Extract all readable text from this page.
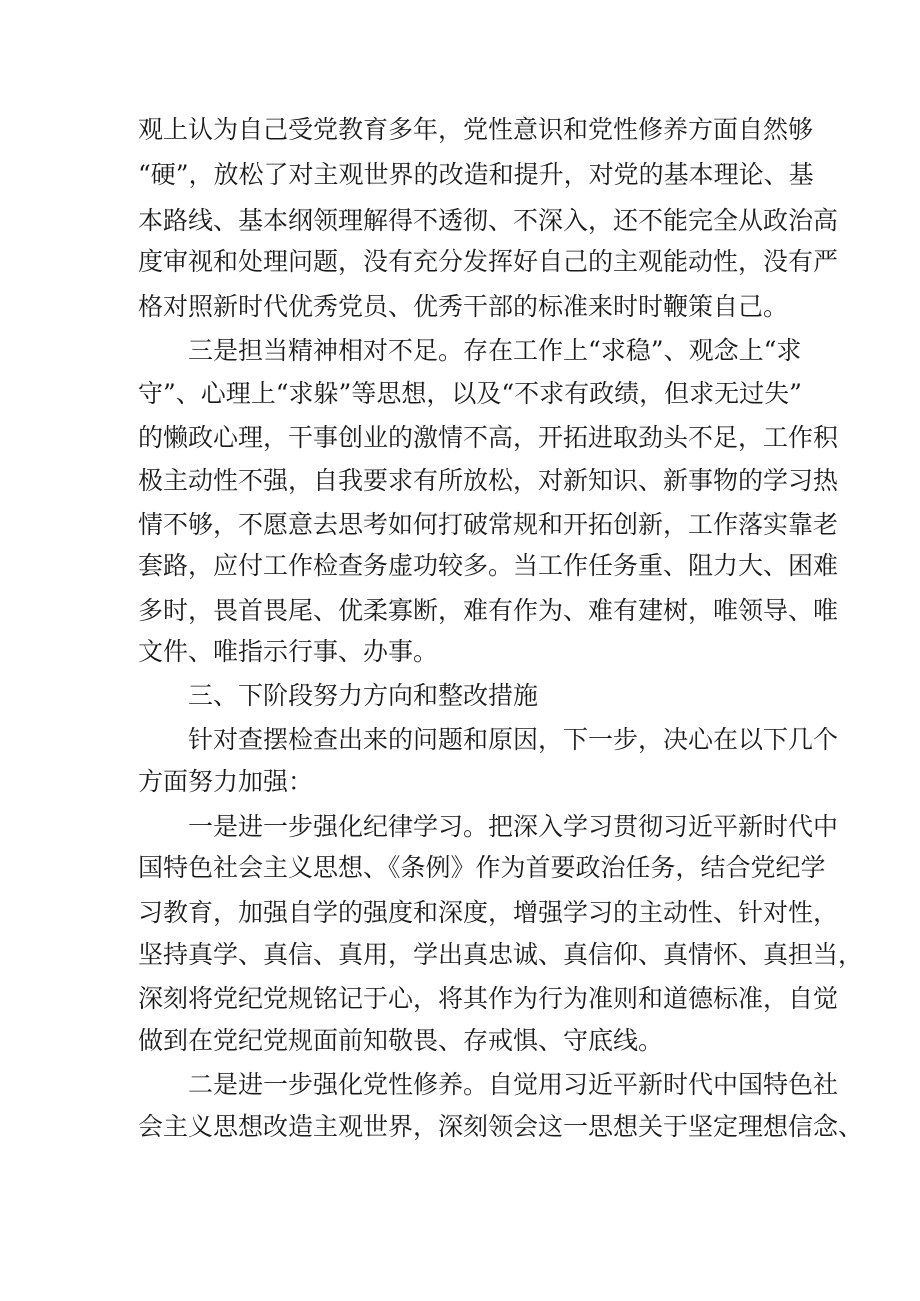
观上认为自己受党教育多年，党性意识和党性修养方面自然够
“硬”，放松了对主观世界的改造和提升，对党的基本理论、基
本路线、基本纲领理解得不透彻、不深入，还不能完全从政治高
度审视和处理问题，没有充分发挥好自己的主观能动性，没有严
格对照新时代优秀党员、优秀干部的标准来时时鞭策自己。
三是担当精神相对不足。存在工作上“求稳”、观念上“求
守”、心理上“求躲”等思想，以及“不求有政绩，但求无过失”
的懒政心理，干事创业的激情不高，开拓进取劲头不足，工作积
极主动性不强，自我要求有所放松，对新知识、新事物的学习热
情不够，不愿意去思考如何打破常规和开拓创新，工作落实靠老
套路，应付工作检查务虚功较多。当工作任务重、阻力大、困难
多时，畏首畏尾、优柔寡断，难有作为、难有建树，唯领导、唯
文件、唯指示行事、办事。
三、下阶段努力方向和整改措施
针对查摆检查出来的问题和原因，下一步，决心在以下几个
方面努力加强：
一是进一步强化纪律学习。把深入学习贯彻习近平新时代中
国特色社会主义思想、《条例》作为首要政治任务，结合党纪学
习教育，加强自学的强度和深度，增强学习的主动性、针对性，
坚持真学、真信、真用，学出真忠诚、真信仰、真情怀、真担当，
深刻将党纪党规铭记于心，将其作为行为准则和道德标准，自觉
做到在党纪党规面前知敬畏、存戒惧、守底线。
二是进一步强化党性修养。自觉用习近平新时代中国特色社
会主义思想改造主观世界，深刻领会这一思想关于坚定理想信念、
